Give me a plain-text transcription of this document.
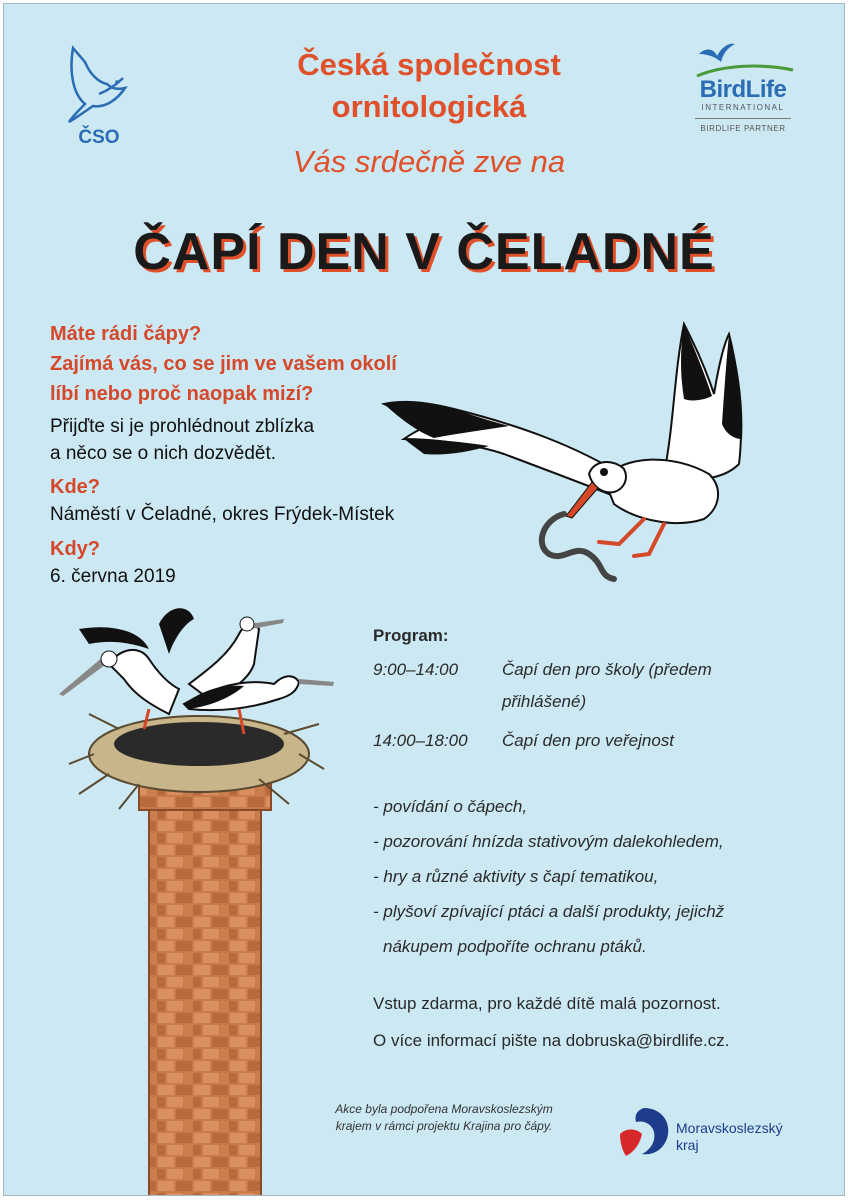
ČSO
BirdLife
INTERNATIONAL
BIRDLIFE PARTNER
Česká společnost
ornitologická
Vás srdečně zve na
ČAPÍ DEN V ČELADNÉ
Máte rádi čápy?
Zajímá vás, co se jim ve vašem okolí
líbí nebo proč naopak mizí?
Přijďte si je prohlédnout zblízka
a něco se o nich dozvědět.
Kde?
Náměstí v Čeladné, okres Frýdek-Místek
Kdy?
6. června 2019
Program:
9:00–14:00	Čapí den pro školy (předem
přihlášené)
14:00–18:00 Čapí den pro veřejnost
- povídání o čápech,
- pozorování hnízda stativovým dalekohledem,
- hry a různé aktivity s čapí tematikou,
- plyšoví zpívající ptáci a další produkty, jejichž
nákupem podpoříte ochranu ptáků.
Vstup zdarma, pro každé dítě malá pozornost.
O více informací pište na dobruska@birdlife.cz.
Akce byla podpořena Moravskoslezským
krajem v rámci projektu Krajina pro čápy.	Moravskoslezský
kraj
